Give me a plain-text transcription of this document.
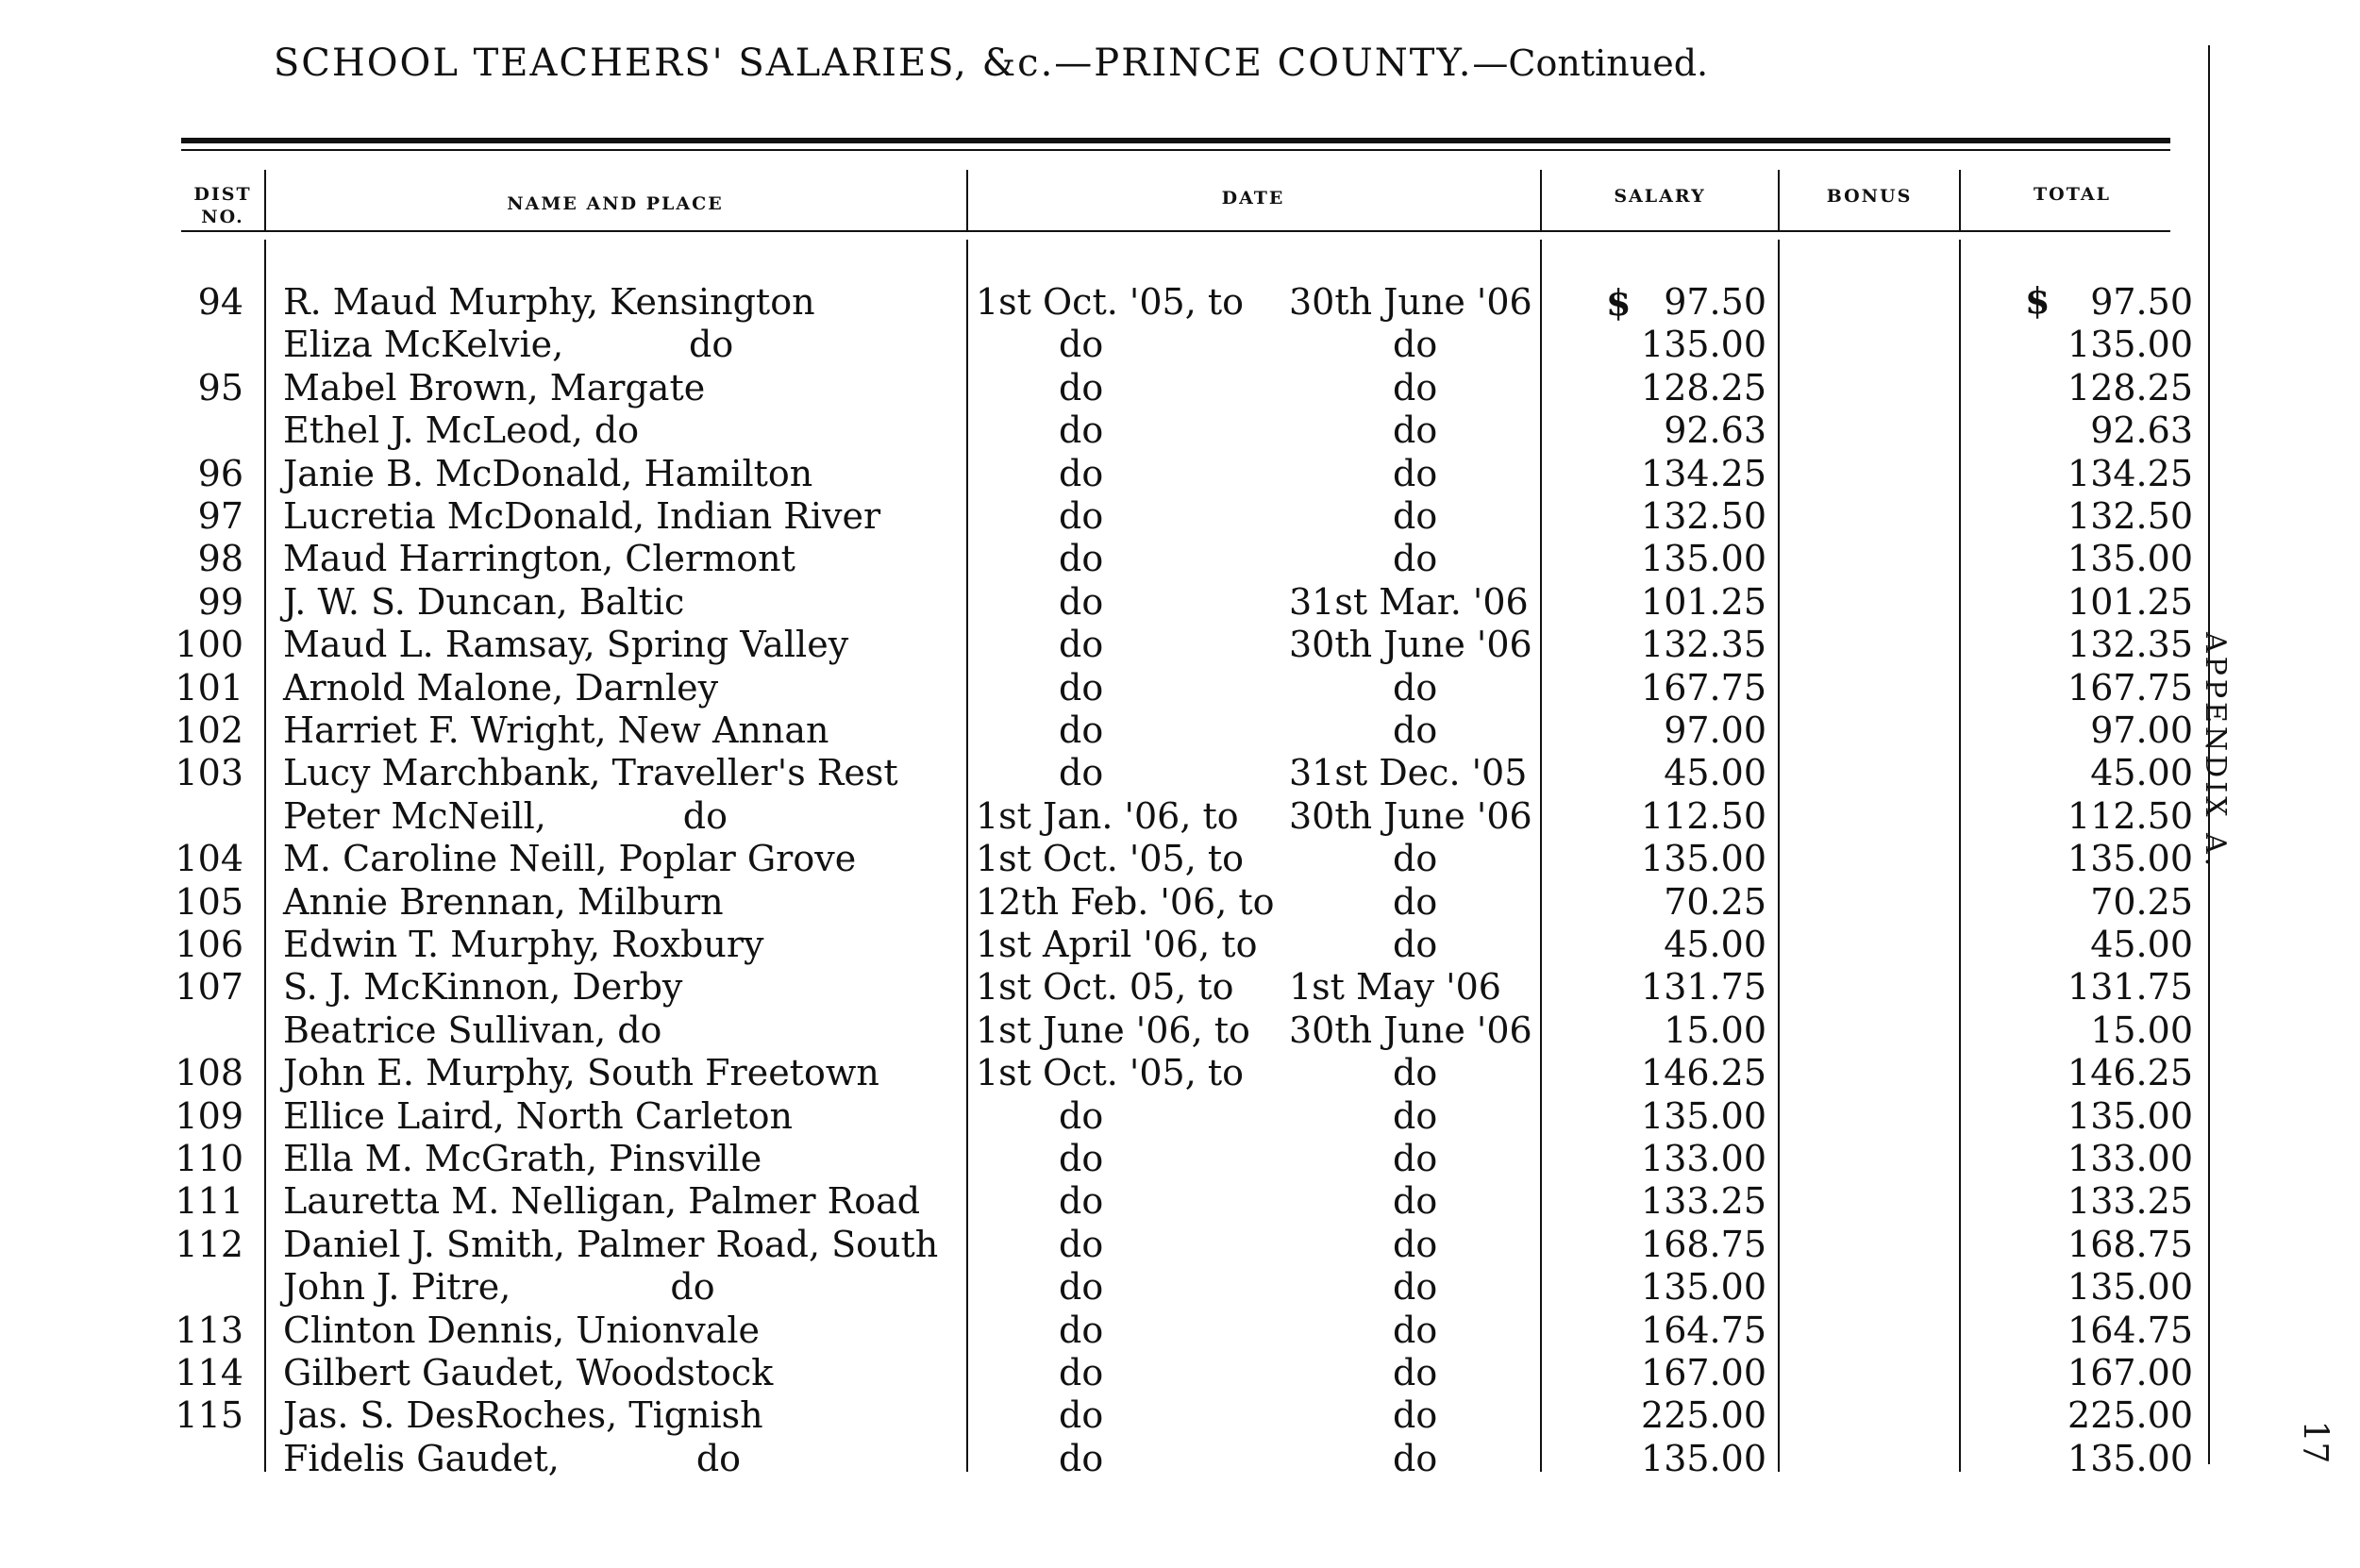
SCHOOL TEACHERS' SALARIES, &c.—PRINCE COUNTY.—Continued.
DIST NO.
NAME AND PLACE	DATE	SALARY	BONUS	TOTAL
$	$
94 R. Maud Murphy, Kensington	1st Oct. '05, to	30th June '06	97.50	97.50
Eliza McKelvie,           do	do	do	135.00	135.00
95 Mabel Brown, Margate	do	do	128.25	128.25
Ethel J. McLeod, do	do	do	92.63	92.63
96 Janie B. McDonald, Hamilton	do	do	134.25	134.25
97 Lucretia McDonald, Indian River	do	do	132.50	132.50
98 Maud Harrington, Clermont	do	do	135.00	135.00
99 J. W. S. Duncan, Baltic	do	31st Mar. '06	101.25	101.25
100 Maud L. Ramsay, Spring Valley	do	30th June '06	132.35	132.35
101 Arnold Malone, Darnley	do	do	167.75	167.75
102 Harriet F. Wright, New Annan	do	do	97.00	97.00
103 Lucy Marchbank, Traveller's Rest	do	31st Dec. '05	45.00	45.00
Peter McNeill,            do	1st Jan. '06, to	30th June '06	112.50	112.50
104 M. Caroline Neill, Poplar Grove	1st Oct. '05, to	do	135.00	135.00
105 Annie Brennan, Milburn	12th Feb. '06, to	do	70.25	70.25
106 Edwin T. Murphy, Roxbury	1st April '06, to	do	45.00	45.00
107 S. J. McKinnon, Derby	1st Oct. 05, to	1st May '06	131.75	131.75
Beatrice Sullivan, do	1st June '06, to	30th June '06	15.00	15.00
108 John E. Murphy, South Freetown	1st Oct. '05, to	do	146.25	146.25
109 Ellice Laird, North Carleton	do	do	135.00	135.00
110 Ella M. McGrath, Pinsville	do	do	133.00	133.00
111 Lauretta M. Nelligan, Palmer Road	do	do	133.25	133.25
112 Daniel J. Smith, Palmer Road, South	do	do	168.75	168.75
John J. Pitre,              do	do	do	135.00	135.00
113 Clinton Dennis, Unionvale	do	do	164.75	164.75
114 Gilbert Gaudet, Woodstock	do	do	167.00	167.00
115 Jas. S. DesRoches, Tignish	do	do	225.00	225.00
Fidelis Gaudet,            do	do	do	135.00	135.00
APPENDIX A.
17
